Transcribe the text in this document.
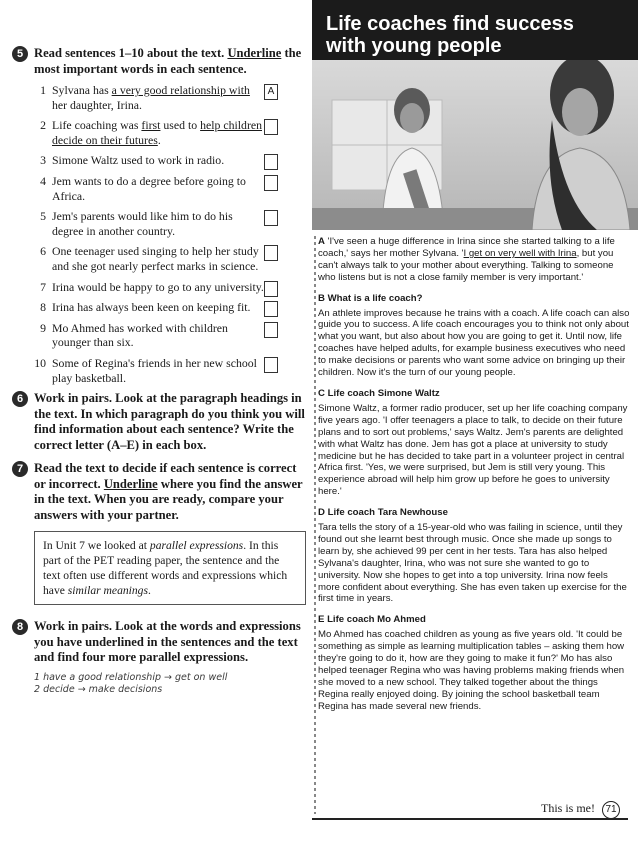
5 Read sentences 1–10 about the text. Underline the most important words in each sentence.
1 Sylvana has a very good relationship with her daughter, Irina.
A
2 Life coaching was first used to help children decide on their futures.
3 Simone Waltz used to work in radio.
4 Jem wants to do a degree before going to Africa.
5 Jem's parents would like him to do his degree in another country.
6 One teenager used singing to help her study and she got nearly perfect marks in science.
7 Irina would be happy to go to any university.
8 Irina has always been keen on keeping fit.
9 Mo Ahmed has worked with children younger than six.
10 Some of Regina's friends in her new school play basketball.
6 Work in pairs. Look at the paragraph headings in the text. In which paragraph do you think you will find information about each sentence? Write the correct letter (A–E) in each box.
7 Read the text to decide if each sentence is correct or incorrect. Underline where you find the answer in the text. When you are ready, compare your answers with your partner.
In Unit 7 we looked at parallel expressions. In this part of the PET reading paper, the sentence and the text often use different words and expressions which have similar meanings.
8 Work in pairs. Look at the words and expressions you have underlined in the sentences and the text and find four more parallel expressions.
1 have a good relationship → get on well
2 decide → make decisions
Life coaches find success
with young people

A 'I've seen a huge difference in Irina since she started talking to a life coach,' says her mother Sylvana. 'I get on very well with Irina, but you can't always talk to your mother about everything. Talking to someone who listens but is not a close family member is very important.'

B What is a life coach?

An athlete improves because he trains with a coach. A life coach can also guide you to success. A life coach encourages you to think not only about what you want, but also about how you are going to get it. Until now, life coaches have helped adults, for example business executives who need to make decisions or parents who want some advice on bringing up their children. Now it's the turn of our young people.

C Life coach Simone Waltz

Simone Waltz, a former radio producer, set up her life coaching company five years ago. 'I offer teenagers a place to talk, to decide on their future plans and to sort out problems,' says Waltz. Jem's parents are delighted with what Waltz has done. Jem has got a place at university to study medicine but he has decided to take part in a volunteer project in central Africa first. 'Yes, we were surprised, but Jem is still very young. This experience abroad will help him grow up before he goes to university here.'

D Life coach Tara Newhouse

Tara tells the story of a 15-year-old who was failing in science, until they found out she learnt best through music. Once she made up songs to learn by, she achieved 99 per cent in her tests. Tara has also helped Sylvana's daughter, Irina, who was not sure she wanted to go to university. Now she hopes to get into a top university. Irina now feels more confident about everything. She has even taken up exercise for the first time in years.

E Life coach Mo Ahmed

Mo Ahmed has coached children as young as five years old. 'It could be something as simple as learning multiplication tables – asking them how they're going to do it, how are they going to make it fun?' Mo has also helped teenager Regina who was having problems making friends when she moved to a new school. They talked together about the things Regina really enjoyed doing. By joining the school basketball team Regina has made several new friends.

This is me! 71
